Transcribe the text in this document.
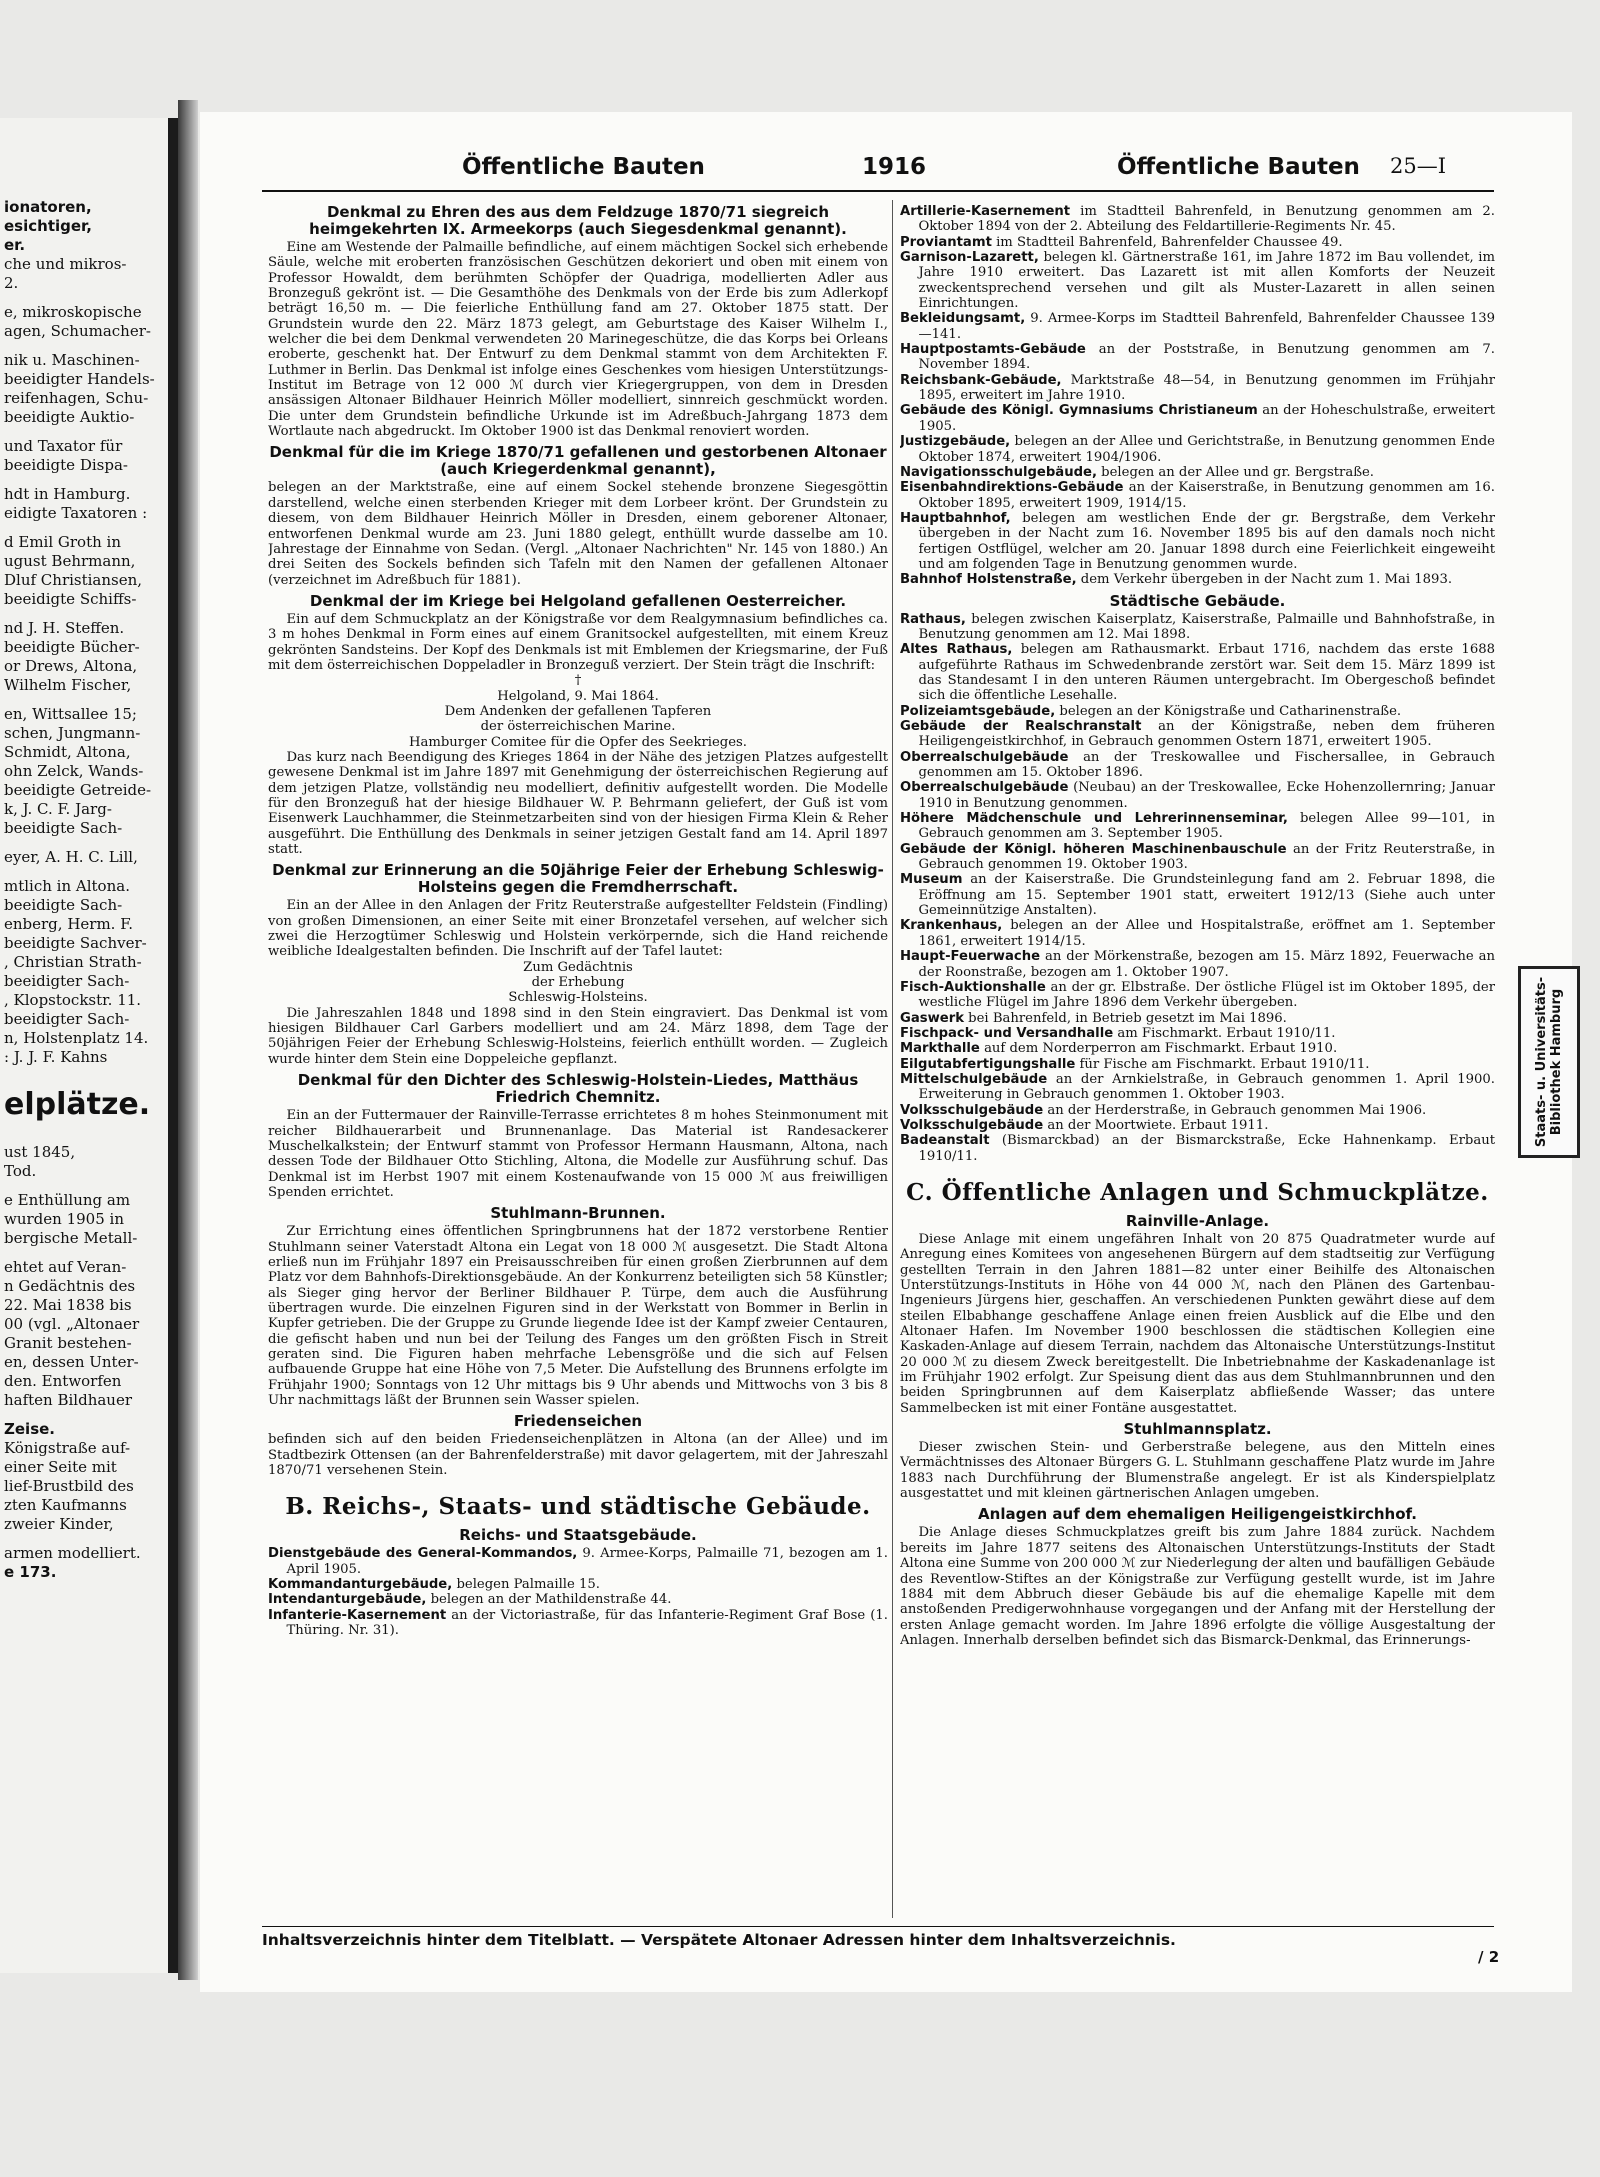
ionatoren,
esichtiger,
er.
che und mikros-
2.
e, mikroskopische
agen, Schumacher-
nik u. Maschinen-
beeidigter Handels-
reifenhagen, Schu-
beeidigte Auktio-
und Taxator für
beeidigte Dispa-
hdt in Hamburg.
eidigte Taxatoren :
d Emil Groth in
ugust Behrmann,
Dluf Christiansen,
beeidigte Schiffs-
nd J. H. Steffen.
beeidigte Bücher-
or Drews, Altona,
Wilhelm Fischer,
en, Wittsallee 15;
schen, Jungmann-
Schmidt, Altona,
ohn Zelck, Wands-
beeidigte Getreide-
k, J. C. F. Jarg-
beeidigte Sach-
eyer, A. H. C. Lill,
mtlich in Altona.
beeidigte Sach-
enberg, Herm. F.
beeidigte Sachver-
, Christian Strath-
beeidigter Sach-
, Klopstockstr. 11.
beeidigter Sach-
n, Holstenplatz 14.
: J. J. F. Kahns
elplätze.
ust 1845,
Tod.
e Enthüllung am
wurden 1905 in
bergische Metall-
ehtet auf Veran-
n Gedächtnis des
22. Mai 1838 bis
00 (vgl. „Altonaer
Granit bestehen-
en, dessen Unter-
den. Entworfen
haften Bildhauer
Zeise.
Königstraße auf-
einer Seite mit
lief-Brustbild des
zten Kaufmanns
zweier Kinder,
armen modelliert.
e 173.
Öffentliche Bauten	1916	Öffentliche Bauten 25—I
Denkmal zu Ehren des aus dem Feldzuge 1870/71 siegreich heimgekehrten IX. Armeekorps (auch Siegesdenkmal genannt).

Eine am Westende der Palmaille befindliche, auf einem mächtigen Sockel sich erhebende Säule, welche mit eroberten französischen Geschützen dekoriert und oben mit einem von Professor Howaldt, dem berühmten Schöpfer der Quadriga, modellierten Adler aus Bronzeguß gekrönt ist. — Die Gesamthöhe des Denkmals von der Erde bis zum Adlerkopf beträgt 16,50 m. — Die feierliche Enthüllung fand am 27. Oktober 1875 statt. Der Grundstein wurde den 22. März 1873 gelegt, am Geburtstage des Kaiser Wilhelm I., welcher die bei dem Denkmal verwendeten 20 Marinegeschütze, die das Korps bei Orleans eroberte, geschenkt hat. Der Entwurf zu dem Denkmal stammt von dem Architekten F. Luthmer in Berlin. Das Denkmal ist infolge eines Geschenkes vom hiesigen Unterstützungs-Institut im Betrage von 12 000 ℳ durch vier Kriegergruppen, von dem in Dresden ansässigen Altonaer Bildhauer Heinrich Möller modelliert, sinnreich geschmückt worden. Die unter dem Grundstein befindliche Urkunde ist im Adreßbuch-Jahrgang 1873 dem Wortlaute nach abgedruckt. Im Oktober 1900 ist das Denkmal renoviert worden.

Denkmal für die im Kriege 1870/71 gefallenen und gestorbenen Altonaer (auch Kriegerdenkmal genannt),

belegen an der Marktstraße, eine auf einem Sockel stehende bronzene Siegesgöttin darstellend, welche einen sterbenden Krieger mit dem Lorbeer krönt. Der Grundstein zu diesem, von dem Bildhauer Heinrich Möller in Dresden, einem geborener Altonaer, entworfenen Denkmal wurde am 23. Juni 1880 gelegt, enthüllt wurde dasselbe am 10. Jahrestage der Einnahme von Sedan. (Vergl. „Altonaer Nachrichten" Nr. 145 von 1880.) An drei Seiten des Sockels befinden sich Tafeln mit den Namen der gefallenen Altonaer (verzeichnet im Adreßbuch für 1881).

Denkmal der im Kriege bei Helgoland gefallenen Oesterreicher.

Ein auf dem Schmuckplatz an der Königstraße vor dem Realgymnasium befindliches ca. 3 m hohes Denkmal in Form eines auf einem Granitsockel aufgestellten, mit einem Kreuz gekrönten Sandsteins. Der Kopf des Denkmals ist mit Emblemen der Kriegsmarine, der Fuß mit dem österreichischen Doppeladler in Bronzeguß verziert. Der Stein trägt die Inschrift:

†

Helgoland, 9. Mai 1864.

Dem Andenken der gefallenen Tapferen

der österreichischen Marine.

Hamburger Comitee für die Opfer des Seekrieges.

Das kurz nach Beendigung des Krieges 1864 in der Nähe des jetzigen Platzes aufgestellt gewesene Denkmal ist im Jahre 1897 mit Genehmigung der österreichischen Regierung auf dem jetzigen Platze, vollständig neu modelliert, definitiv aufgestellt worden. Die Modelle für den Bronzeguß hat der hiesige Bildhauer W. P. Behrmann geliefert, der Guß ist vom Eisenwerk Lauchhammer, die Steinmetzarbeiten sind von der hiesigen Firma Klein & Reher ausgeführt. Die Enthüllung des Denkmals in seiner jetzigen Gestalt fand am 14. April 1897 statt.

Denkmal zur Erinnerung an die 50jährige Feier der Erhebung Schleswig-Holsteins gegen die Fremdherrschaft.

Ein an der Allee in den Anlagen der Fritz Reuterstraße aufgestellter Feldstein (Findling) von großen Dimensionen, an einer Seite mit einer Bronzetafel versehen, auf welcher sich zwei die Herzogtümer Schleswig und Holstein verkörpernde, sich die Hand reichende weibliche Idealgestalten befinden. Die Inschrift auf der Tafel lautet:

Zum Gedächtnis

der Erhebung

Schleswig-Holsteins.

Die Jahreszahlen 1848 und 1898 sind in den Stein eingraviert. Das Denkmal ist vom hiesigen Bildhauer Carl Garbers modelliert und am 24. März 1898, dem Tage der 50jährigen Feier der Erhebung Schleswig-Holsteins, feierlich enthüllt worden. — Zugleich wurde hinter dem Stein eine Doppeleiche gepflanzt.

Denkmal für den Dichter des Schleswig-Holstein-Liedes, Matthäus Friedrich Chemnitz.

Ein an der Futtermauer der Rainville-Terrasse errichtetes 8 m hohes Steinmonument mit reicher Bildhauerarbeit und Brunnenanlage. Das Material ist Randesackerer Muschelkalkstein; der Entwurf stammt von Professor Hermann Hausmann, Altona, nach dessen Tode der Bildhauer Otto Stichling, Altona, die Modelle zur Ausführung schuf. Das Denkmal ist im Herbst 1907 mit einem Kostenaufwande von 15 000 ℳ aus freiwilligen Spenden errichtet.

Stuhlmann-Brunnen.

Zur Errichtung eines öffentlichen Springbrunnens hat der 1872 verstorbene Rentier Stuhlmann seiner Vaterstadt Altona ein Legat von 18 000 ℳ ausgesetzt. Die Stadt Altona erließ nun im Frühjahr 1897 ein Preisausschreiben für einen großen Zierbrunnen auf dem Platz vor dem Bahnhofs-Direktionsgebäude. An der Konkurrenz beteiligten sich 58 Künstler; als Sieger ging hervor der Berliner Bildhauer P. Türpe, dem auch die Ausführung übertragen wurde. Die einzelnen Figuren sind in der Werkstatt von Bommer in Berlin in Kupfer getrieben. Die der Gruppe zu Grunde liegende Idee ist der Kampf zweier Centauren, die gefischt haben und nun bei der Teilung des Fanges um den größten Fisch in Streit geraten sind. Die Figuren haben mehrfache Lebensgröße und die sich auf Felsen aufbauende Gruppe hat eine Höhe von 7,5 Meter. Die Aufstellung des Brunnens erfolgte im Frühjahr 1900; Sonntags von 12 Uhr mittags bis 9 Uhr abends und Mittwochs von 3 bis 8 Uhr nachmittags läßt der Brunnen sein Wasser spielen.

Friedenseichen

befinden sich auf den beiden Friedenseichenplätzen in Altona (an der Allee) und im Stadtbezirk Ottensen (an der Bahrenfelderstraße) mit davor gelagertem, mit der Jahreszahl 1870/71 versehenen Stein.

B. Reichs-, Staats- und städtische Gebäude.
Reichs- und Staatsgebäude.

Dienstgebäude des General-Kommandos, 9. Armee-Korps, Palmaille 71, bezogen am 1. April 1905.

Kommandanturgebäude, belegen Palmaille 15.

Intendanturgebäude, belegen an der Mathildenstraße 44.

Infanterie-Kasernement an der Victoriastraße, für das Infanterie-Regiment Graf Bose (1. Thüring. Nr. 31).

Artillerie-Kasernement im Stadtteil Bahrenfeld, in Benutzung genommen am 2. Oktober 1894 von der 2. Abteilung des Feldartillerie-Regiments Nr. 45.

Proviantamt im Stadtteil Bahrenfeld, Bahrenfelder Chaussee 49.

Garnison-Lazarett, belegen kl. Gärtnerstraße 161, im Jahre 1872 im Bau vollendet, im Jahre 1910 erweitert. Das Lazarett ist mit allen Komforts der Neuzeit zweckentsprechend versehen und gilt als Muster-Lazarett in allen seinen Einrichtungen.

Bekleidungsamt, 9. Armee-Korps im Stadtteil Bahrenfeld, Bahrenfelder Chaussee 139—141.

Hauptpostamts-Gebäude an der Poststraße, in Benutzung genommen am 7. November 1894.

Reichsbank-Gebäude, Marktstraße 48—54, in Benutzung genommen im Frühjahr 1895, erweitert im Jahre 1910.

Gebäude des Königl. Gymnasiums Christianeum an der Hoheschulstraße, erweitert 1905.

Justizgebäude, belegen an der Allee und Gerichtstraße, in Benutzung genommen Ende Oktober 1874, erweitert 1904/1906.

Navigationsschulgebäude, belegen an der Allee und gr. Bergstraße.

Eisenbahndirektions-Gebäude an der Kaiserstraße, in Benutzung genommen am 16. Oktober 1895, erweitert 1909, 1914/15.

Hauptbahnhof, belegen am westlichen Ende der gr. Bergstraße, dem Verkehr übergeben in der Nacht zum 16. November 1895 bis auf den damals noch nicht fertigen Ostflügel, welcher am 20. Januar 1898 durch eine Feierlichkeit eingeweiht und am folgenden Tage in Benutzung genommen wurde.

Bahnhof Holstenstraße, dem Verkehr übergeben in der Nacht zum 1. Mai 1893.

Städtische Gebäude.

Rathaus, belegen zwischen Kaiserplatz, Kaiserstraße, Palmaille und Bahnhofstraße, in Benutzung genommen am 12. Mai 1898.

Altes Rathaus, belegen am Rathausmarkt. Erbaut 1716, nachdem das erste 1688 aufgeführte Rathaus im Schwedenbrande zerstört war. Seit dem 15. März 1899 ist das Standesamt I in den unteren Räumen untergebracht. Im Obergeschoß befindet sich die öffentliche Lesehalle.

Polizeiamtsgebäude, belegen an der Königstraße und Catharinenstraße.

Gebäude der Realschranstalt an der Königstraße, neben dem früheren Heiligengeistkirchhof, in Gebrauch genommen Ostern 1871, erweitert 1905.

Oberrealschulgebäude an der Treskowallee und Fischersallee, in Gebrauch genommen am 15. Oktober 1896.

Oberrealschulgebäude (Neubau) an der Treskowallee, Ecke Hohenzollernring; Januar 1910 in Benutzung genommen.

Höhere Mädchenschule und Lehrerinnenseminar, belegen Allee 99—101, in Gebrauch genommen am 3. September 1905.

Gebäude der Königl. höheren Maschinenbauschule an der Fritz Reuterstraße, in Gebrauch genommen 19. Oktober 1903.

Museum an der Kaiserstraße. Die Grundsteinlegung fand am 2. Februar 1898, die Eröffnung am 15. September 1901 statt, erweitert 1912/13 (Siehe auch unter Gemeinnützige Anstalten).

Krankenhaus, belegen an der Allee und Hospitalstraße, eröffnet am 1. September 1861, erweitert 1914/15.

Haupt-Feuerwache an der Mörkenstraße, bezogen am 15. März 1892, Feuerwache an der Roonstraße, bezogen am 1. Oktober 1907.

Fisch-Auktionshalle an der gr. Elbstraße. Der östliche Flügel ist im Oktober 1895, der westliche Flügel im Jahre 1896 dem Verkehr übergeben.

Gaswerk bei Bahrenfeld, in Betrieb gesetzt im Mai 1896.

Fischpack- und Versandhalle am Fischmarkt. Erbaut 1910/11.

Markthalle auf dem Norderperron am Fischmarkt. Erbaut 1910.

Eilgutabfertigungshalle für Fische am Fischmarkt. Erbaut 1910/11.

Mittelschulgebäude an der Arnkielstraße, in Gebrauch genommen 1. April 1900. Erweiterung in Gebrauch genommen 1. Oktober 1903.

Volksschulgebäude an der Herderstraße, in Gebrauch genommen Mai 1906.

Volksschulgebäude an der Moortwiete. Erbaut 1911.

Badeanstalt (Bismarckbad) an der Bismarckstraße, Ecke Hahnenkamp. Erbaut 1910/11.

C. Öffentliche Anlagen und Schmuckplätze.
Rainville-Anlage.

Diese Anlage mit einem ungefähren Inhalt von 20 875 Quadratmeter wurde auf Anregung eines Komitees von angesehenen Bürgern auf dem stadtseitig zur Verfügung gestellten Terrain in den Jahren 1881—82 unter einer Beihilfe des Altonaischen Unterstützungs-Instituts in Höhe von 44 000 ℳ, nach den Plänen des Gartenbau-Ingenieurs Jürgens hier, geschaffen. An verschiedenen Punkten gewährt diese auf dem steilen Elbabhange geschaffene Anlage einen freien Ausblick auf die Elbe und den Altonaer Hafen. Im November 1900 beschlossen die städtischen Kollegien eine Kaskaden-Anlage auf diesem Terrain, nachdem das Altonaische Unterstützungs-Institut 20 000 ℳ zu diesem Zweck bereitgestellt. Die Inbetriebnahme der Kaskadenanlage ist im Frühjahr 1902 erfolgt. Zur Speisung dient das aus dem Stuhlmannbrunnen und den beiden Springbrunnen auf dem Kaiserplatz abfließende Wasser; das untere Sammelbecken ist mit einer Fontäne ausgestattet.

Stuhlmannsplatz.

Dieser zwischen Stein- und Gerberstraße belegene, aus den Mitteln eines Vermächtnisses des Altonaer Bürgers G. L. Stuhlmann geschaffene Platz wurde im Jahre 1883 nach Durchführung der Blumenstraße angelegt. Er ist als Kinderspielplatz ausgestattet und mit kleinen gärtnerischen Anlagen umgeben.

Anlagen auf dem ehemaligen Heiligengeistkirchhof.

Die Anlage dieses Schmuckplatzes greift bis zum Jahre 1884 zurück. Nachdem bereits im Jahre 1877 seitens des Altonaischen Unterstützungs-Instituts der Stadt Altona eine Summe von 200 000 ℳ zur Niederlegung der alten und baufälligen Gebäude des Reventlow-Stiftes an der Königstraße zur Verfügung gestellt wurde, ist im Jahre 1884 mit dem Abbruch dieser Gebäude bis auf die ehemalige Kapelle mit dem anstoßenden Predigerwohnhause vorgegangen und der Anfang mit der Herstellung der ersten Anlage gemacht worden. Im Jahre 1896 erfolgte die völlige Ausgestaltung der Anlagen. Innerhalb derselben befindet sich das Bismarck-Denkmal, das Erinnerungs-

Inhaltsverzeichnis hinter dem Titelblatt. — Verspätete Altonaer Adressen hinter dem Inhaltsverzeichnis.
/ 2
Staats- u. Universitäts- Bibliothek Hamburg
